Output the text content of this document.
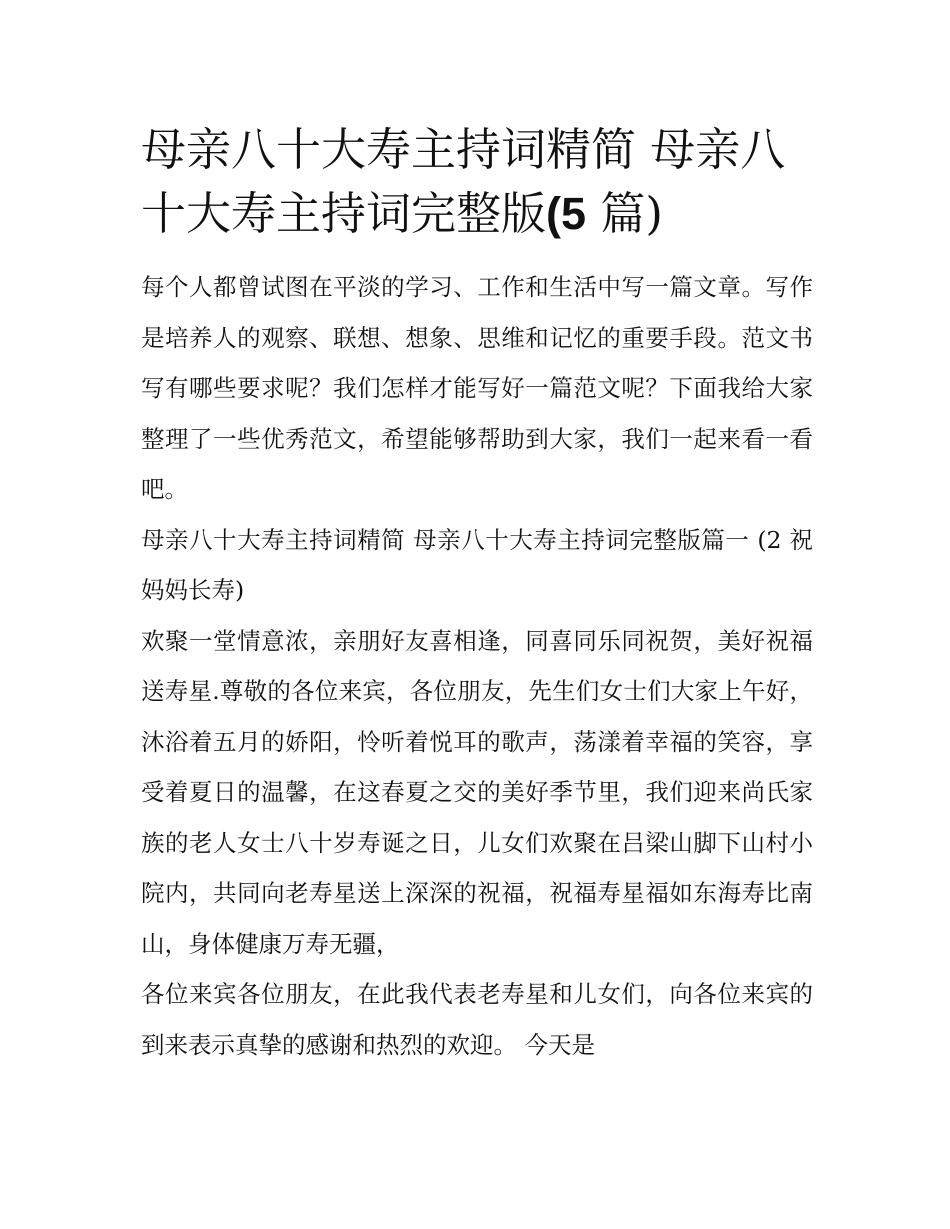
母亲八十大寿主持词精简 母亲八十大寿主持词完整版(5 篇)

每个人都曾试图在平淡的学习、工作和生活中写一篇文章。写作是培养人的观察、联想、想象、思维和记忆的重要手段。范文书写有哪些要求呢？我们怎样才能写好一篇范文呢？下面我给大家整理了一些优秀范文，希望能够帮助到大家，我们一起来看一看吧。

母亲八十大寿主持词精简 母亲八十大寿主持词完整版篇一 (2 祝妈妈长寿)

欢聚一堂情意浓，亲朋好友喜相逢，同喜同乐同祝贺，美好祝福送寿星.尊敬的各位来宾，各位朋友，先生们女士们大家上午好，沐浴着五月的娇阳，怜听着悦耳的歌声，荡漾着幸福的笑容，享受着夏日的温馨，在这春夏之交的美好季节里，我们迎来尚氏家族的老人女士八十岁寿诞之日，儿女们欢聚在吕梁山脚下山村小院内，共同向老寿星送上深深的祝福，祝福寿星福如东海寿比南山，身体健康万寿无疆，

各位来宾各位朋友，在此我代表老寿星和儿女们，向各位来宾的到来表示真挚的感谢和热烈的欢迎。 今天是
